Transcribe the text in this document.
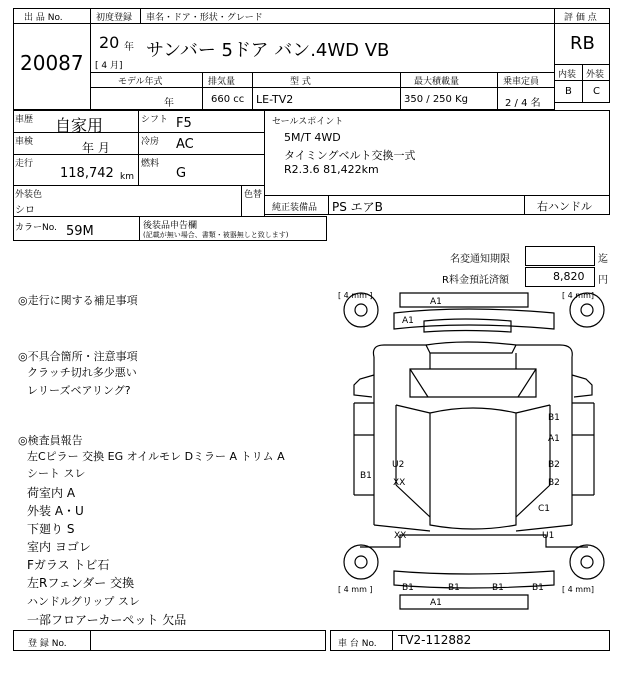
出 品 No.
20087
初度登録 車名・ドア・形状・グレード
20 年
[ 4 月]
サンバー 5ドア バン.4WD VB
評 価 点
RB
内装 外装
B C
モデル年式	排気量	型 式	最大積載量	乗車定員
年	660 cc LE-TV2	350 / 250 Kg	2 / 4 名
車歴 自家用	シフト F5
車検	年 月	冷房 AC
走行
118,742 km
燃料
G
外装色
シロ
色替
カラーNo. 59M	後装品申告欄
(記載が無い場合、書類・被器無しと致します)
セールスポイント
5M/T 4WD
タイミングベルト交換一式
R2.3.6 81,422km
純正装備品 PS エアB	右ハンドル
名変通知期限	迄
R料金預託済額	8,820 円
◎走行に関する補足事項
◎不具合箇所・注意事項
クラッチ切れ多少悪い
レリーズベアリング?
◎検査員報告
左Cピラー 交換 EG オイルモレ Dミラー A トリム A
シート スレ
荷室内 A
外装 A・U
下廻り S
室内 ヨゴレ
Fガラス トビ石
左Rフェンダー 交換
ハンドルグリップ スレ
一部フロアーカーペット 欠品
[ 4 mm ]	[ 4 mm]
[ 4 mm ]	[ 4 mm]
A1
A1
B1
A1
U2
XX
B1
B2
B2
C1
U1
XX
B1	B1	B1	B1
A1
登 録 No.	車 台 No. TV2-112882
